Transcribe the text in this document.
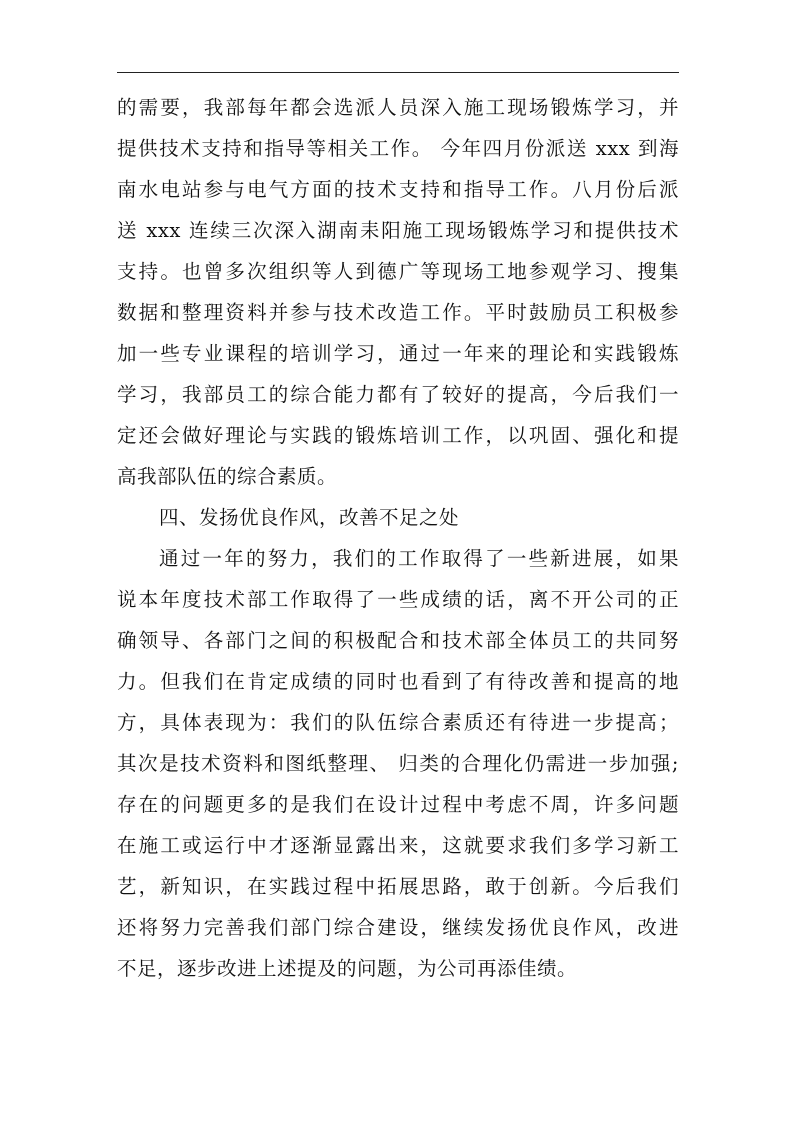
的需要，我部每年都会选派人员深入施工现场锻炼学习，并
提供技术支持和指导等相关工作。 今年四月份派送 xxx 到海
南水电站参与电气方面的技术支持和指导工作。八月份后派
送 xxx 连续三次深入湖南耒阳施工现场锻炼学习和提供技术
支持。也曾多次组织等人到德广等现场工地参观学习、搜集
数据和整理资料并参与技术改造工作。平时鼓励员工积极参
加一些专业课程的培训学习，通过一年来的理论和实践锻炼
学习，我部员工的综合能力都有了较好的提高，今后我们一
定还会做好理论与实践的锻炼培训工作，以巩固、强化和提
高我部队伍的综合素质。
四、发扬优良作风，改善不足之处
通过一年的努力，我们的工作取得了一些新进展，如果
说本年度技术部工作取得了一些成绩的话，离不开公司的正
确领导、各部门之间的积极配合和技术部全体员工的共同努
力。但我们在肯定成绩的同时也看到了有待改善和提高的地
方，具体表现为：我们的队伍综合素质还有待进一步提高；
其次是技术资料和图纸整理、 归类的合理化仍需进一步加强;
存在的问题更多的是我们在设计过程中考虑不周，许多问题
在施工或运行中才逐渐显露出来，这就要求我们多学习新工
艺，新知识，在实践过程中拓展思路，敢于创新。今后我们
还将努力完善我们部门综合建设，继续发扬优良作风，改进
不足，逐步改进上述提及的问题，为公司再添佳绩。
